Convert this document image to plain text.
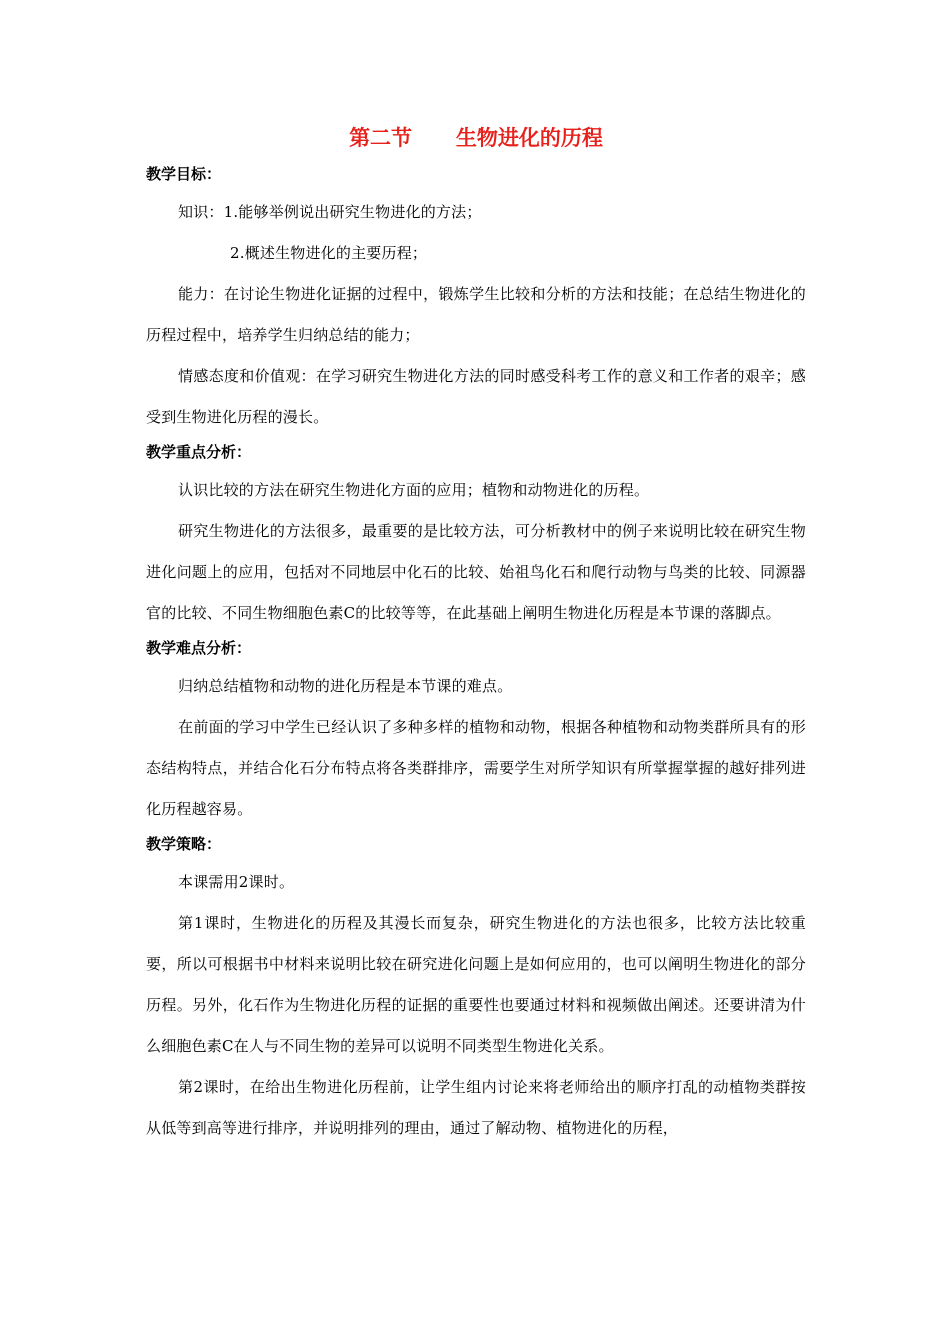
第二节      生物进化的历程
教学目标：

知识：1.能够举例说出研究生物进化的方法；

2.概述生物进化的主要历程；

能力：在讨论生物进化证据的过程中，锻炼学生比较和分析的方法和技能；在总结生物进化的历程过程中，培养学生归纳总结的能力；

情感态度和价值观：在学习研究生物进化方法的同时感受科考工作的意义和工作者的艰辛；感受到生物进化历程的漫长。

教学重点分析：

认识比较的方法在研究生物进化方面的应用；植物和动物进化的历程。

研究生物进化的方法很多，最重要的是比较方法，可分析教材中的例子来说明比较在研究生物进化问题上的应用，包括对不同地层中化石的比较、始祖鸟化石和爬行动物与鸟类的比较、同源器官的比较、不同生物细胞色素C的比较等等，在此基础上阐明生物进化历程是本节课的落脚点。

教学难点分析：

归纳总结植物和动物的进化历程是本节课的难点。

在前面的学习中学生已经认识了多种多样的植物和动物，根据各种植物和动物类群所具有的形态结构特点，并结合化石分布特点将各类群排序，需要学生对所学知识有所掌握掌握的越好排列进化历程越容易。

教学策略：

本课需用2课时。

第1课时，生物进化的历程及其漫长而复杂，研究生物进化的方法也很多，比较方法比较重要，所以可根据书中材料来说明比较在研究进化问题上是如何应用的，也可以阐明生物进化的部分历程。另外，化石作为生物进化历程的证据的重要性也要通过材料和视频做出阐述。还要讲清为什么细胞色素C在人与不同生物的差异可以说明不同类型生物进化关系。

第2课时，在给出生物进化历程前，让学生组内讨论来将老师给出的顺序打乱的动植物类群按从低等到高等进行排序，并说明排列的理由，通过了解动物、植物进化的历程，
